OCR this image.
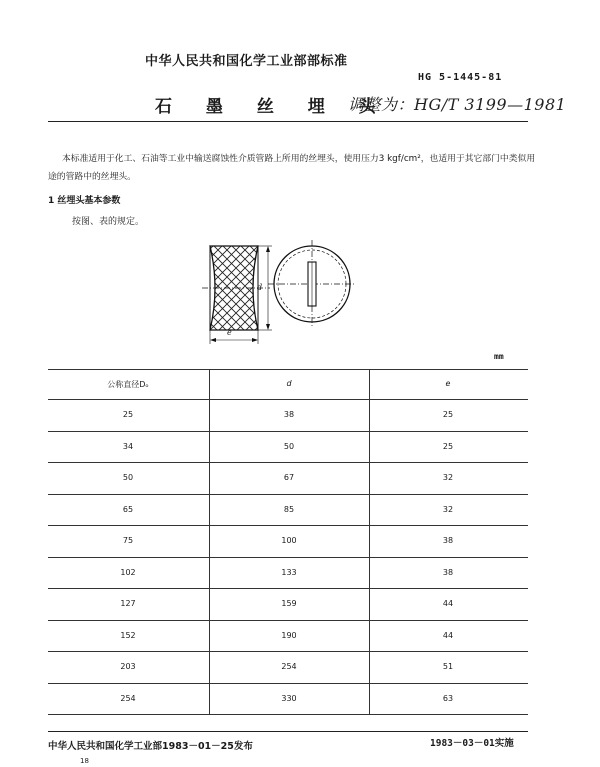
中华人民共和国化学工业部部标准
HG 5-1445-81
石 墨 丝 埋 头
调整为：HG/T 3199—1981
本标准适用于化工、石油等工业中输送腐蚀性介质管路上所用的丝埋头，使用压力3 kgf/cm²，也适用于其它部门中类似用途的管路中的丝埋头。
1 丝埋头基本参数
按图、表的规定。
d
e
mm
公称直径Dₒ	d	e
25	38	25
34	50	25
50	67	32
65	85	32
75	100	38
102	133	38
127	159	44
152	190	44
203	254	51
254	330	63
中华人民共和国化学工业部1983－01－25发布	1983－03－01实施
18
